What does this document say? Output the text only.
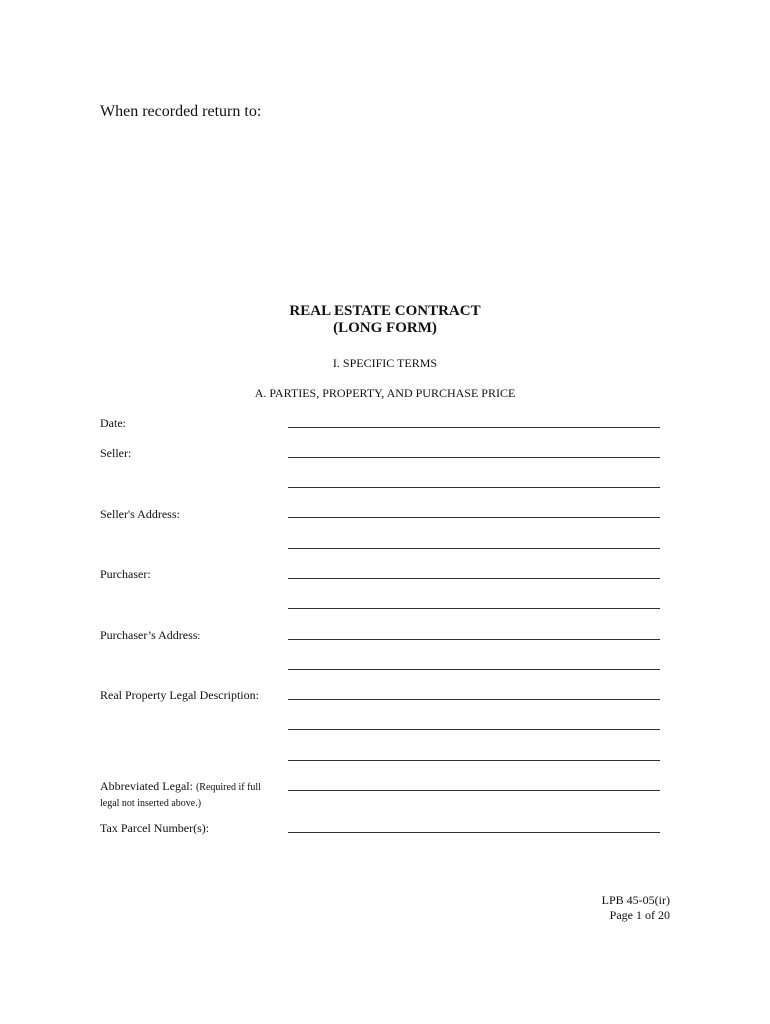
When recorded return to:
REAL ESTATE CONTRACT
(LONG FORM)
I. SPECIFIC TERMS
A. PARTIES, PROPERTY, AND PURCHASE PRICE
Date:
Seller:
Seller's Address:
Purchaser:
Purchaser’s Address:
Real Property Legal Description:
Abbreviated Legal: (Required if full
legal not inserted above.)
Tax Parcel Number(s):
LPB 45-05(ir)
Page 1 of 20
